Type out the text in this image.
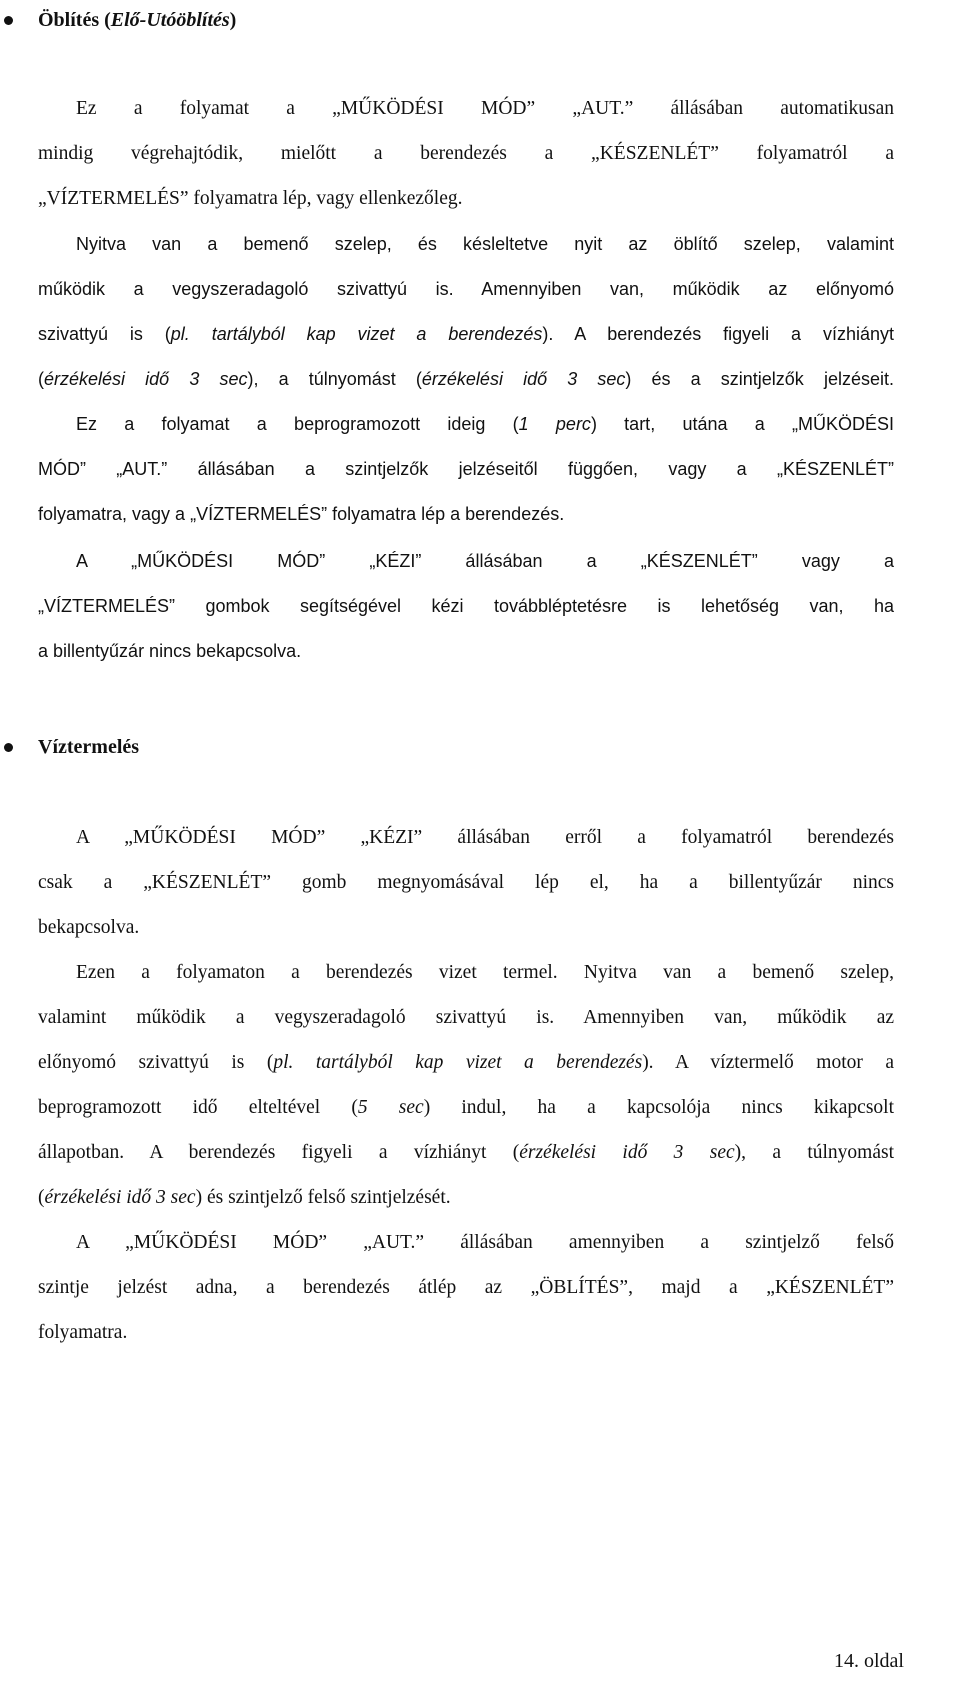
Öblítés (Elő-Utóöblítés)
Ez a folyamat a „MŰKÖDÉSI MÓD” „AUT.” állásában automatikusan
mindig végrehajtódik, mielőtt a berendezés a „KÉSZENLÉT” folyamatról a
„VÍZTERMELÉS” folyamatra lép, vagy ellenkezőleg.
Nyitva van a bemenő szelep, és késleltetve nyit az öblítő szelep, valamint
működik a vegyszeradagoló szivattyú is. Amennyiben van, működik az előnyomó
szivattyú is (pl. tartályból kap vizet a berendezés). A berendezés figyeli a vízhiányt
(érzékelési idő 3 sec), a túlnyomást (érzékelési idő 3 sec) és a szintjelzők jelzéseit.
Ez a folyamat a beprogramozott ideig (1 perc) tart, utána a „MŰKÖDÉSI
MÓD” „AUT.” állásában a szintjelzők jelzéseitől függően, vagy a „KÉSZENLÉT”
folyamatra, vagy a „VÍZTERMELÉS” folyamatra lép a berendezés.
A „MŰKÖDÉSI MÓD” „KÉZI” állásában a „KÉSZENLÉT” vagy a
„VÍZTERMELÉS” gombok segítségével kézi továbbléptetésre is lehetőség van, ha
a billentyűzár nincs bekapcsolva.
Víztermelés
A „MŰKÖDÉSI MÓD” „KÉZI” állásában erről a folyamatról berendezés
csak a „KÉSZENLÉT” gomb megnyomásával lép el, ha a billentyűzár nincs
bekapcsolva.
Ezen a folyamaton a berendezés vizet termel. Nyitva van a bemenő szelep,
valamint működik a vegyszeradagoló szivattyú is. Amennyiben van, működik az
előnyomó szivattyú is (pl. tartályból kap vizet a berendezés). A víztermelő motor a
beprogramozott idő elteltével (5 sec) indul, ha a kapcsolója nincs kikapcsolt
állapotban. A berendezés figyeli a vízhiányt (érzékelési idő 3 sec), a túlnyomást
(érzékelési idő 3 sec) és szintjelző felső szintjelzését.
A „MŰKÖDÉSI MÓD” „AUT.” állásában amennyiben a szintjelző felső
szintje jelzést adna, a berendezés átlép az „ÖBLÍTÉS”, majd a „KÉSZENLÉT”
folyamatra.
14. oldal
